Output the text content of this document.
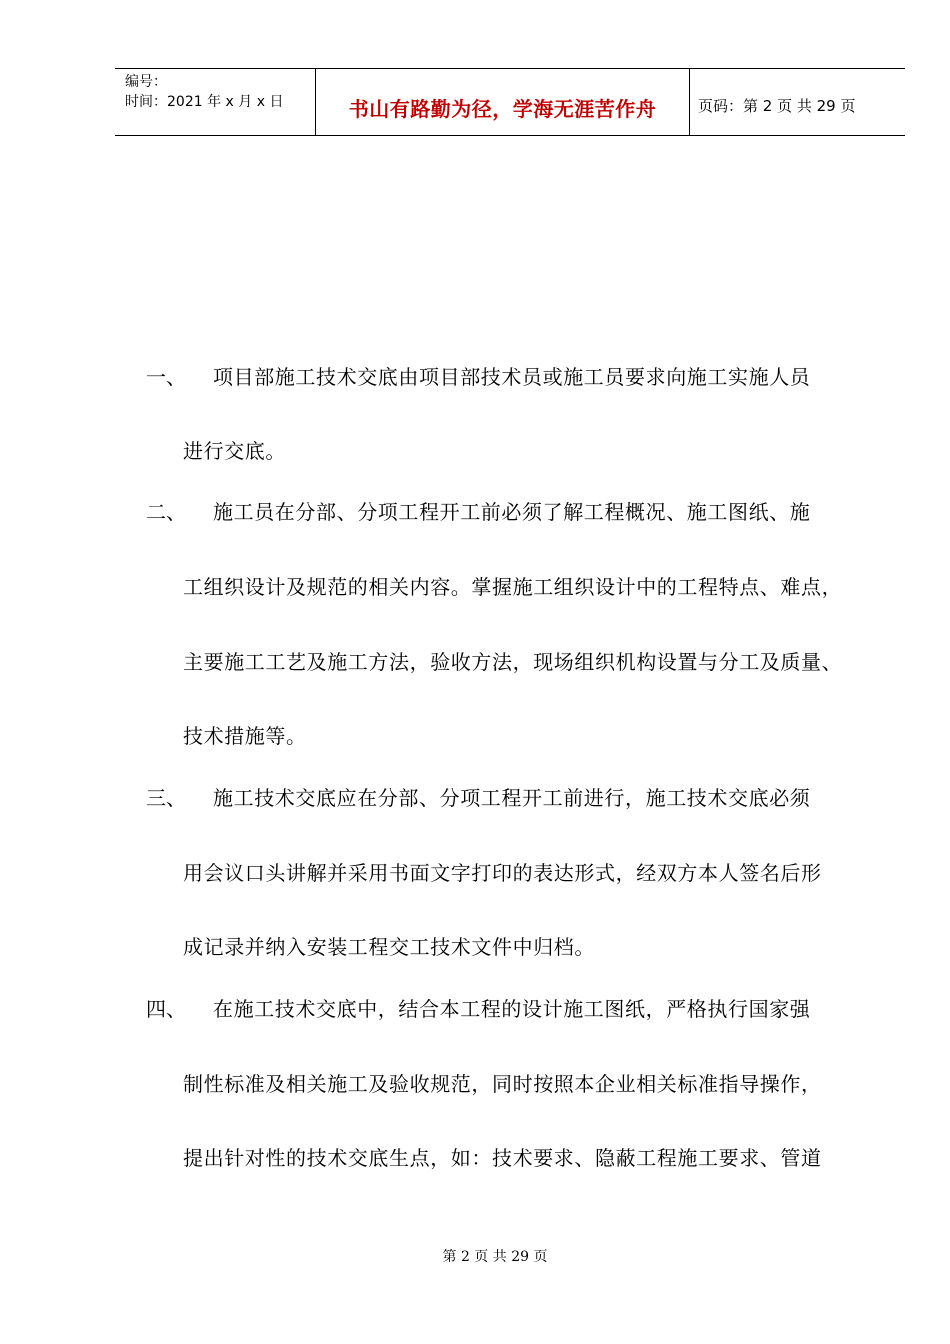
编号：
时间：2021 年 x 月 x 日	书山有路勤为径，学海无涯苦作舟	页码：第 2 页 共 29 页
一、 项目部施工技术交底由项目部技术员或施工员要求向施工实施人员
进行交底。
二、 施工员在分部、分项工程开工前必须了解工程概况、施工图纸、施
工组织设计及规范的相关内容。掌握施工组织设计中的工程特点、难点，
主要施工工艺及施工方法，验收方法，现场组织机构设置与分工及质量、
技术措施等。
三、 施工技术交底应在分部、分项工程开工前进行，施工技术交底必须
用会议口头讲解并采用书面文字打印的表达形式，经双方本人签名后形
成记录并纳入安装工程交工技术文件中归档。
四、 在施工技术交底中，结合本工程的设计施工图纸，严格执行国家强
制性标准及相关施工及验收规范，同时按照本企业相关标准指导操作，
提出针对性的技术交底生点，如：技术要求、隐蔽工程施工要求、管道
第 2 页 共 29 页
